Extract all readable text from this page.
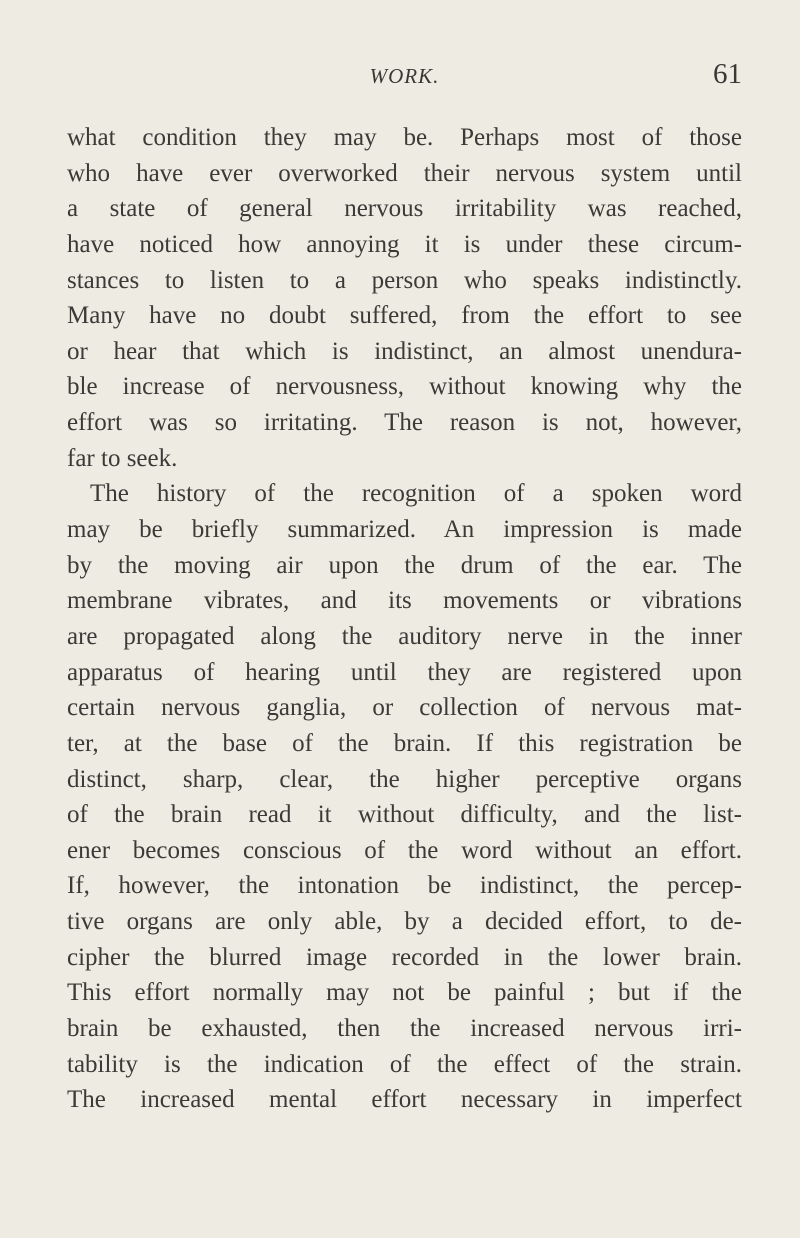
WORK.	61
what condition they may be. Perhaps most of those
who have ever overworked their nervous system until
a state of general nervous irritability was reached,
have noticed how annoying it is under these circum-
stances to listen to a person who speaks indistinctly.
Many have no doubt suffered, from the effort to see
or hear that which is indistinct, an almost unendura-
ble increase of nervousness, without knowing why the
effort was so irritating. The reason is not, however,
far to seek.
The history of the recognition of a spoken word
may be briefly summarized. An impression is made
by the moving air upon the drum of the ear. The
membrane vibrates, and its movements or vibrations
are propagated along the auditory nerve in the inner
apparatus of hearing until they are registered upon
certain nervous ganglia, or collection of nervous mat-
ter, at the base of the brain. If this registration be
distinct, sharp, clear, the higher perceptive organs
of the brain read it without difficulty, and the list-
ener becomes conscious of the word without an effort.
If, however, the intonation be indistinct, the percep-
tive organs are only able, by a decided effort, to de-
cipher the blurred image recorded in the lower brain.
This effort normally may not be painful ; but if the
brain be exhausted, then the increased nervous irri-
tability is the indication of the effect of the strain.
The increased mental effort necessary in imperfect
